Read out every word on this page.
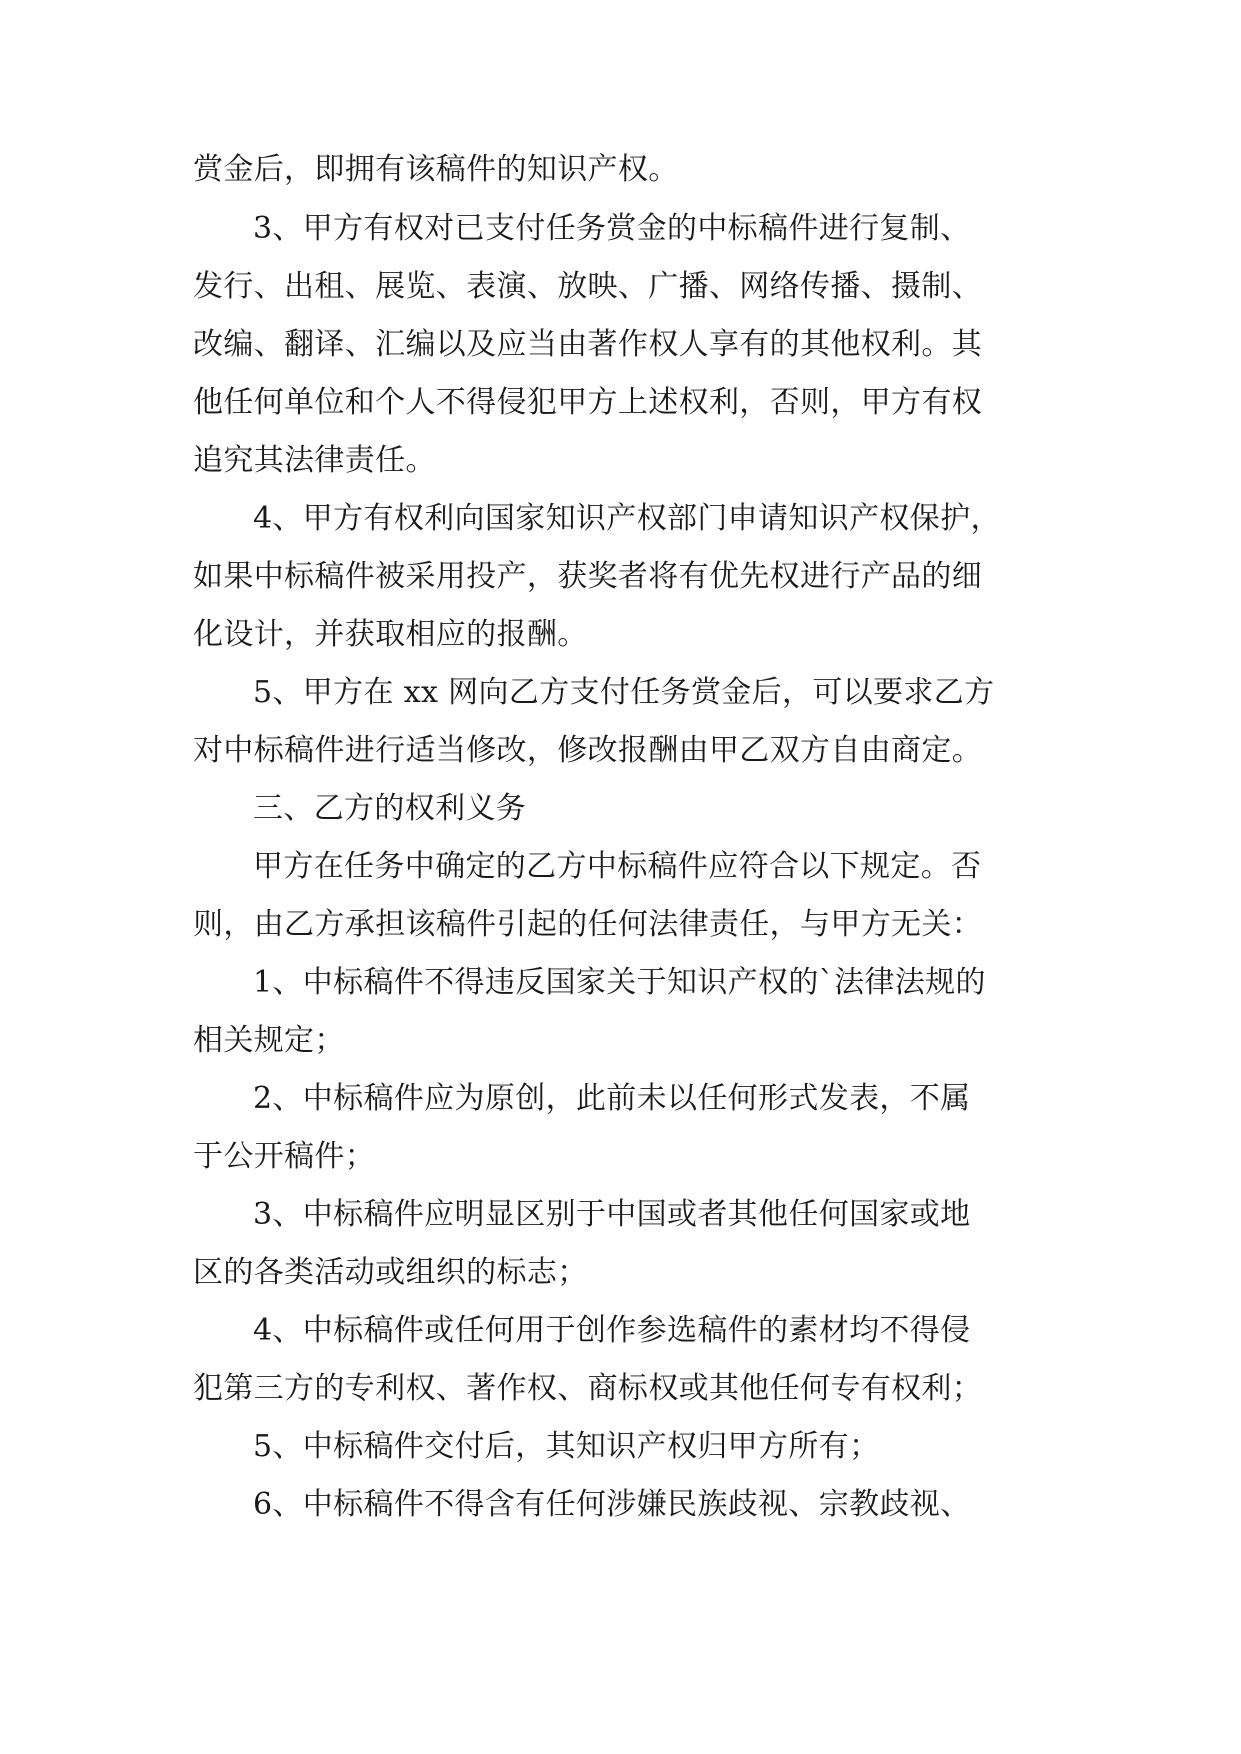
赏金后，即拥有该稿件的知识产权。
3、甲方有权对已支付任务赏金的中标稿件进行复制、
发行、出租、展览、表演、放映、广播、网络传播、摄制、
改编、翻译、汇编以及应当由著作权人享有的其他权利。其
他任何单位和个人不得侵犯甲方上述权利，否则，甲方有权
追究其法律责任。
4、甲方有权利向国家知识产权部门申请知识产权保护，
如果中标稿件被采用投产，获奖者将有优先权进行产品的细
化设计，并获取相应的报酬。
5、甲方在 xx 网向乙方支付任务赏金后，可以要求乙方
对中标稿件进行适当修改，修改报酬由甲乙双方自由商定。
三、乙方的权利义务
甲方在任务中确定的乙方中标稿件应符合以下规定。否
则，由乙方承担该稿件引起的任何法律责任，与甲方无关：
1、中标稿件不得违反国家关于知识产权的`法律法规的
相关规定；
2、中标稿件应为原创，此前未以任何形式发表，不属
于公开稿件；
3、中标稿件应明显区别于中国或者其他任何国家或地
区的各类活动或组织的标志；
4、中标稿件或任何用于创作参选稿件的素材均不得侵
犯第三方的专利权、著作权、商标权或其他任何专有权利；
5、中标稿件交付后，其知识产权归甲方所有；
6、中标稿件不得含有任何涉嫌民族歧视、宗教歧视、
